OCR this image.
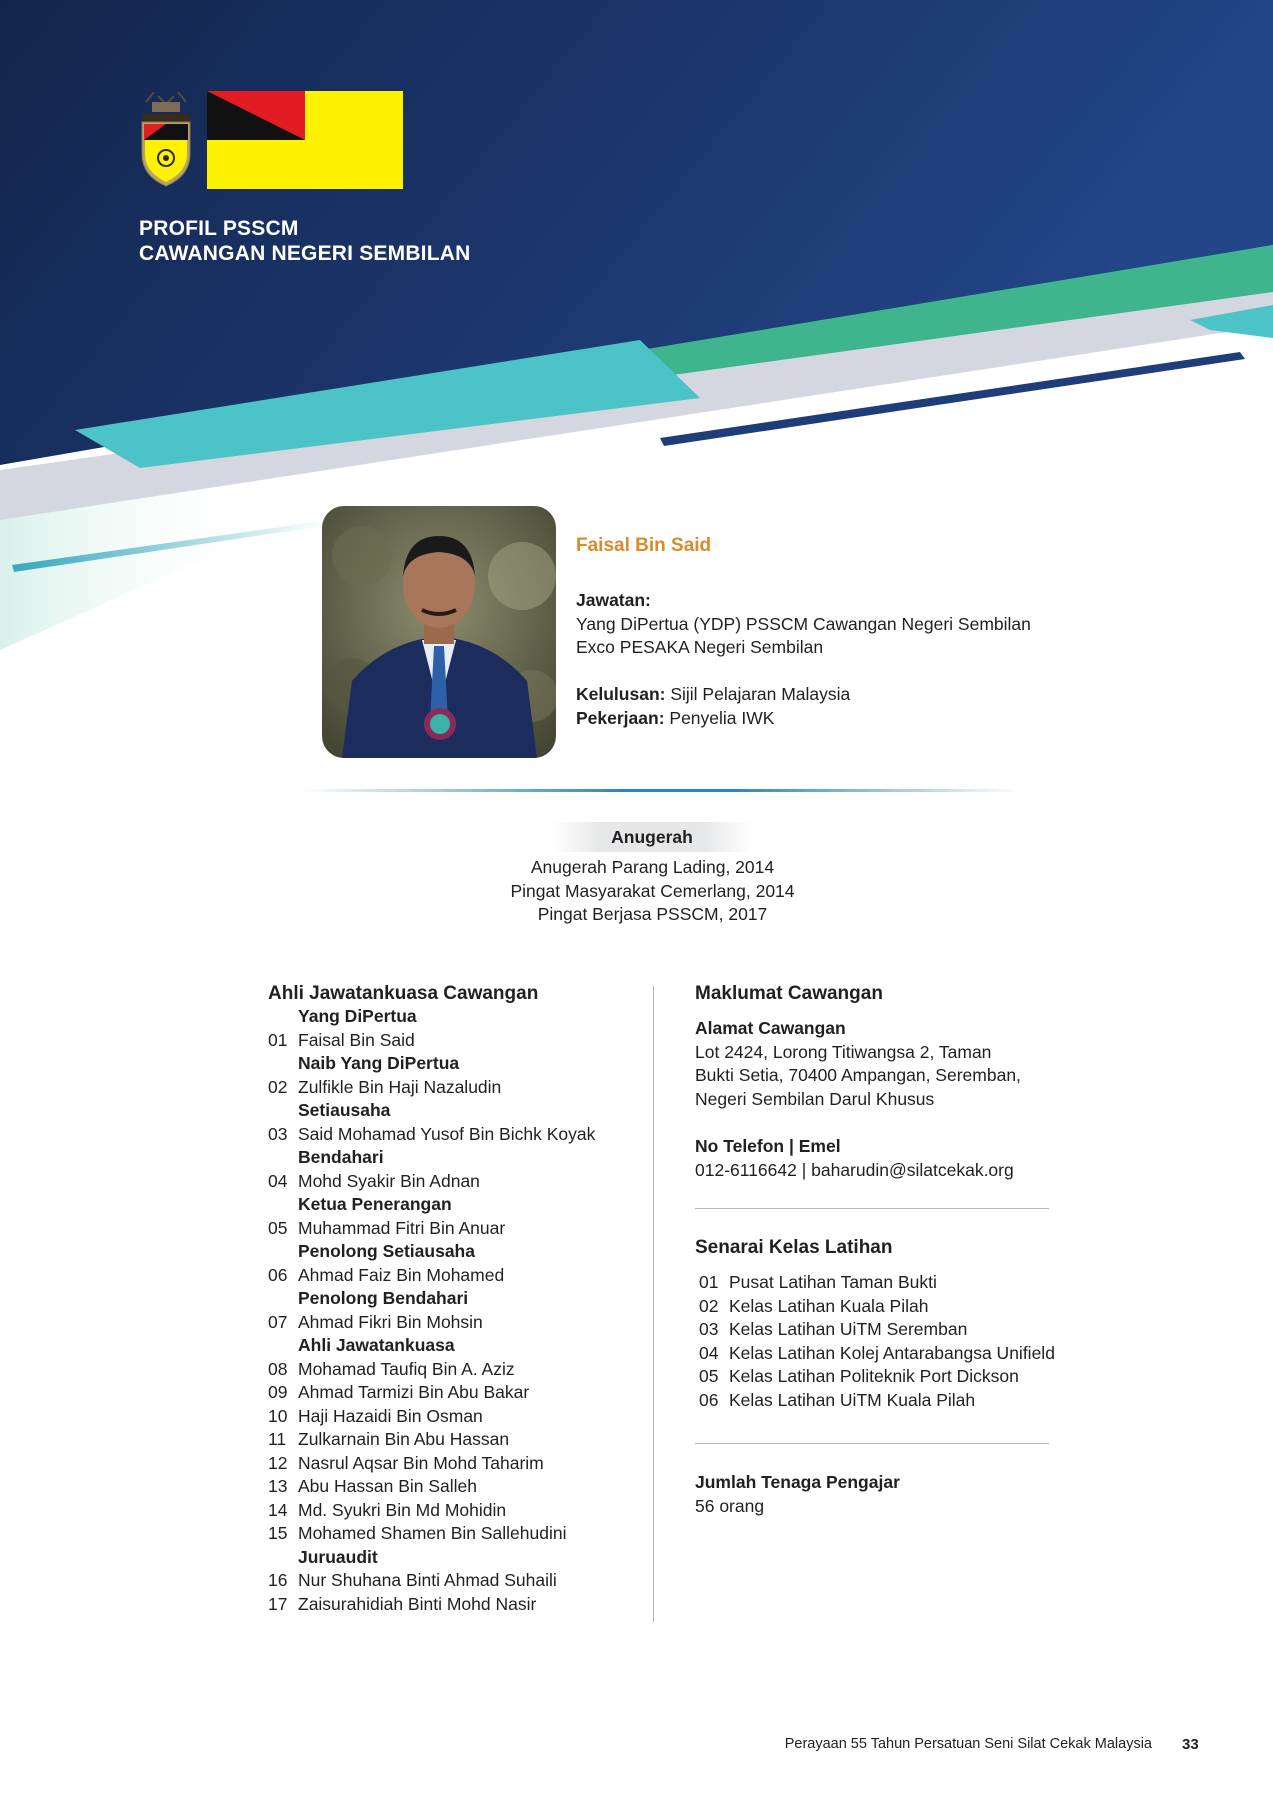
PROFIL PSSCM
CAWANGAN NEGERI SEMBILAN
Faisal Bin Said
Jawatan:
Yang DiPertua (YDP) PSSCM Cawangan Negeri Sembilan
Exco PESAKA Negeri Sembilan
Kelulusan: Sijil Pelajaran Malaysia
Pekerjaan: Penyelia IWK
Anugerah
Anugerah Parang Lading, 2014
Pingat Masyarakat Cemerlang, 2014
Pingat Berjasa PSSCM, 2017
Ahli Jawatankuasa Cawangan
Yang DiPertua
01 Faisal Bin Said
Naib Yang DiPertua
02 Zulfikle Bin Haji Nazaludin
Setiausaha
03 Said Mohamad Yusof Bin Bichk Koyak
Bendahari
04 Mohd Syakir Bin Adnan
Ketua Penerangan
05 Muhammad Fitri Bin Anuar
Penolong Setiausaha
06 Ahmad Faiz Bin Mohamed
Penolong Bendahari
07 Ahmad Fikri Bin Mohsin
Ahli Jawatankuasa
08 Mohamad Taufiq Bin A. Aziz
09 Ahmad Tarmizi Bin Abu Bakar
10 Haji Hazaidi Bin Osman
11 Zulkarnain Bin Abu Hassan
12 Nasrul Aqsar Bin Mohd Taharim
13 Abu Hassan Bin Salleh
14 Md. Syukri Bin Md Mohidin
15 Mohamed Shamen Bin Sallehudini
Juruaudit
16 Nur Shuhana Binti Ahmad Suhaili
17 Zaisurahidiah Binti Mohd Nasir
Maklumat Cawangan
Alamat Cawangan
Lot 2424, Lorong Titiwangsa 2, Taman
Bukti Setia, 70400 Ampangan, Seremban,
Negeri Sembilan Darul Khusus
No Telefon | Emel
012-6116642 | baharudin@silatcekak.org
Senarai Kelas Latihan
01 Pusat Latihan Taman Bukti
02 Kelas Latihan Kuala Pilah
03 Kelas Latihan UiTM Seremban
04 Kelas Latihan Kolej Antarabangsa Unifield
05 Kelas Latihan Politeknik Port Dickson
06 Kelas Latihan UiTM Kuala Pilah
Jumlah Tenaga Pengajar
56 orang
Perayaan 55 Tahun Persatuan Seni Silat Cekak Malaysia 33
